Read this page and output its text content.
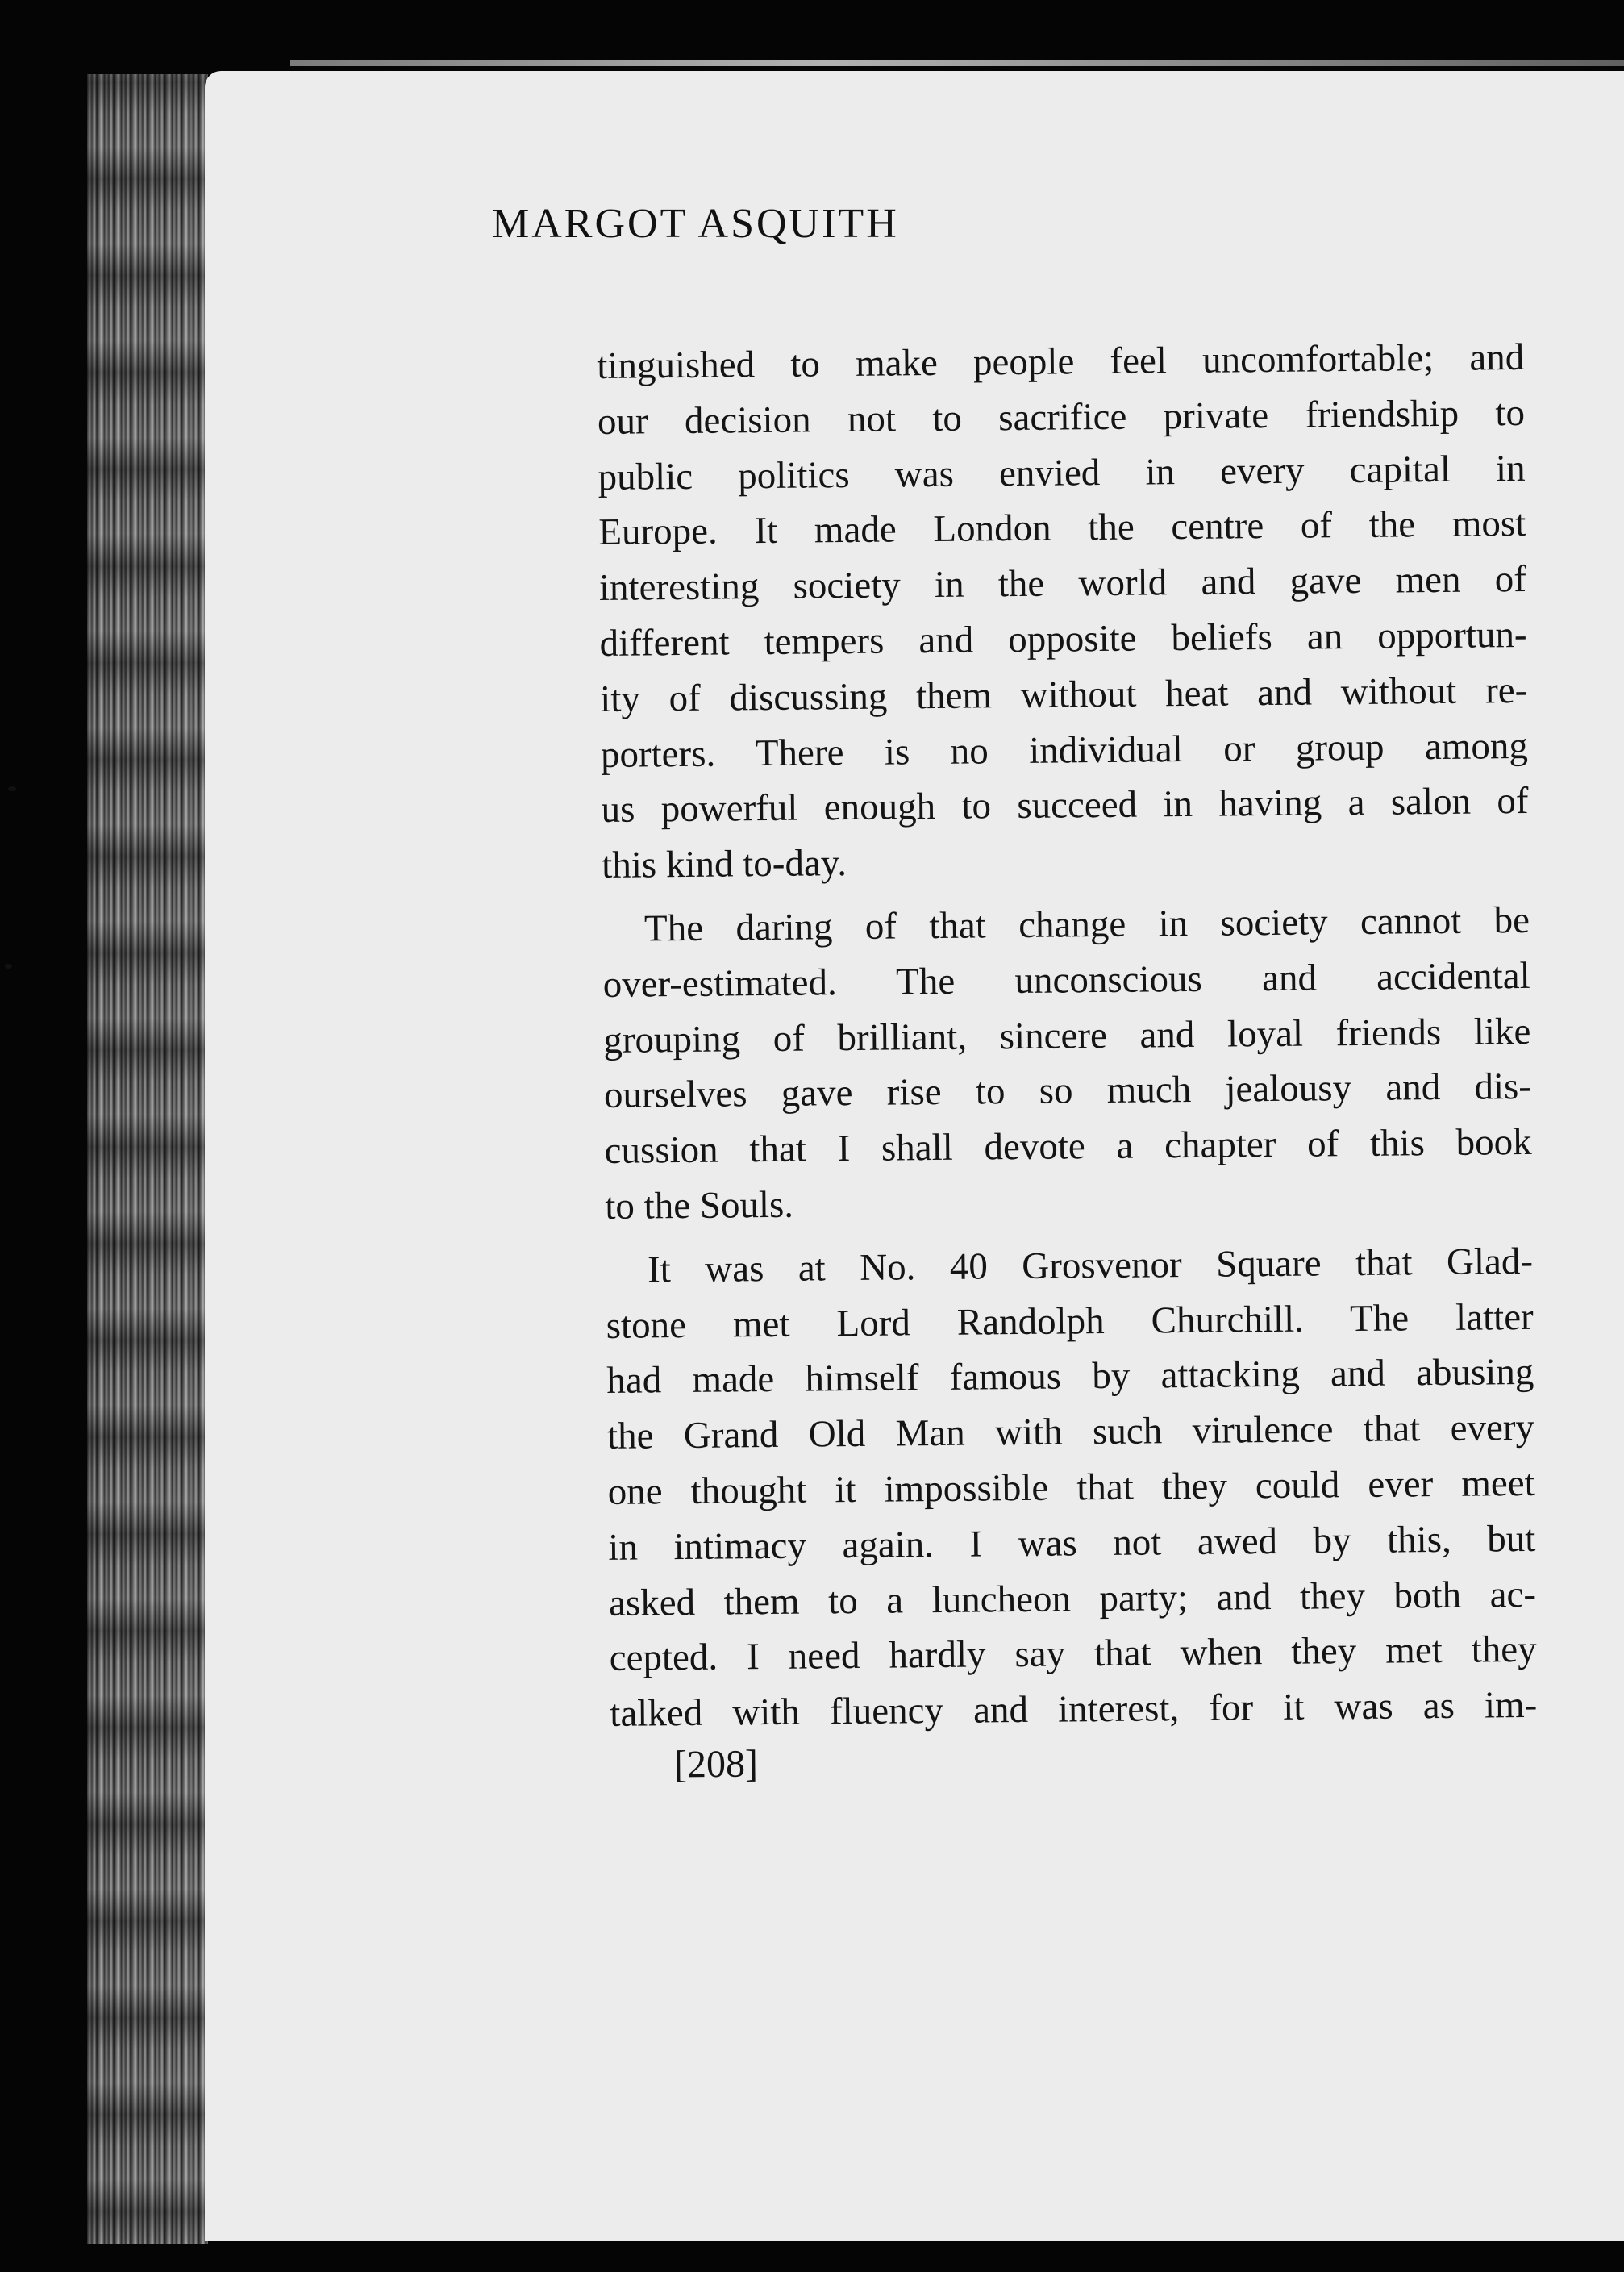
MARGOT ASQUITH

tinguished to make people feel uncomfortable; and
our decision not to sacrifice private friendship to
public politics was envied in every capital in
Europe. It made London the centre of the most
interesting society in the world and gave men of
different tempers and opposite beliefs an opportun-
ity of discussing them without heat and without re-
porters. There is no individual or group among
us powerful enough to succeed in having a salon of
this kind to-day.

The daring of that change in society cannot be
over-estimated. The unconscious and accidental
grouping of brilliant, sincere and loyal friends like
ourselves gave rise to so much jealousy and dis-
cussion that I shall devote a chapter of this book
to the Souls.

It was at No. 40 Grosvenor Square that Glad-
stone met Lord Randolph Churchill. The latter
had made himself famous by attacking and abusing
the Grand Old Man with such virulence that every
one thought it impossible that they could ever meet
in intimacy again. I was not awed by this, but
asked them to a luncheon party; and they both ac-
cepted. I need hardly say that when they met they
talked with fluency and interest, for it was as im-

[208]
